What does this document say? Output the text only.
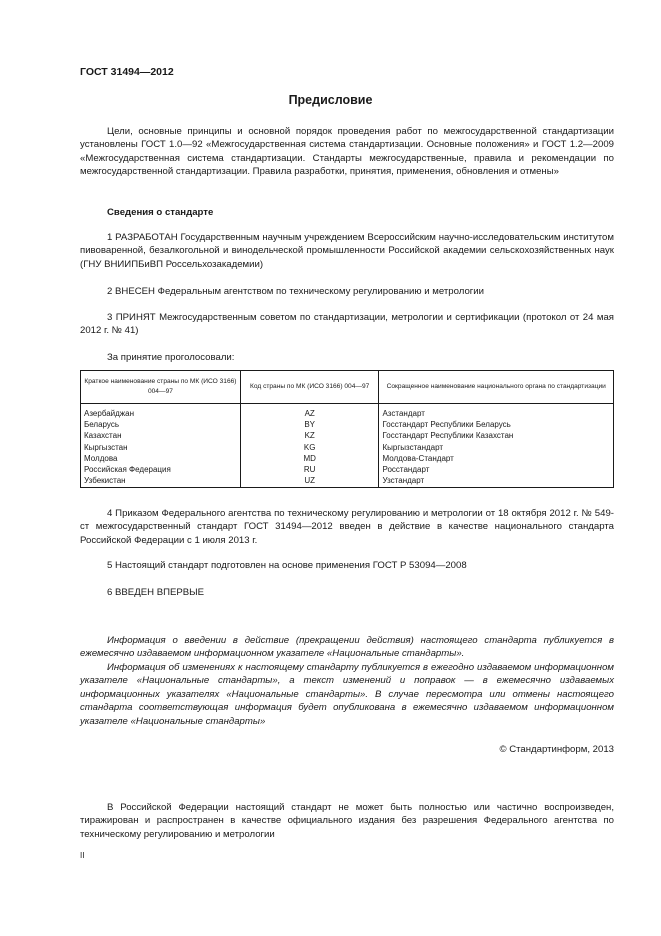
ГОСТ 31494—2012
Предисловие

Цели, основные принципы и основной порядок проведения работ по межгосударственной стандартизации установлены ГОСТ 1.0—92 «Межгосударственная система стандартизации. Основные положения» и ГОСТ 1.2—2009 «Межгосударственная система стандартизации. Стандарты межгосударственные, правила и рекомендации по межгосударственной стандартизации. Правила разработки, принятия, применения, обновления и отмены»

Сведения о стандарте

1 РАЗРАБОТАН Государственным научным учреждением Всероссийским научно-исследовательским институтом пивоваренной, безалкогольной и винодельческой промышленности Российской академии сельскохозяйственных наук (ГНУ ВНИИПБиВП Россельхозакадемии)

2 ВНЕСЕН Федеральным агентством по техническому регулированию и метрологии

3 ПРИНЯТ Межгосударственным советом по стандартизации, метрологии и сертификации (протокол от 24 мая 2012 г. № 41)

За принятие проголосовали:

Краткое наименование страны по МК (ИСО 3166) 004—97	Код страны по МК (ИСО 3166) 004—97	Сокращенное наименование национального органа по стандартизации
Азербайджан	AZ	Азстандарт
Беларусь	BY	Госстандарт Республики Беларусь
Казахстан	KZ	Госстандарт Республики Казахстан
Кыргызстан	KG	Кыргызстандарт
Молдова	MD	Молдова-Стандарт
Российская Федерация	RU	Росстандарт
Узбекистан	UZ	Узстандарт

4 Приказом Федерального агентства по техническому регулированию и метрологии от 18 октября 2012 г. № 549-ст межгосударственный стандарт ГОСТ 31494—2012 введен в действие в качестве национального стандарта Российской Федерации с 1 июля 2013 г.

5 Настоящий стандарт подготовлен на основе применения ГОСТ Р 53094—2008

6 ВВЕДЕН ВПЕРВЫЕ

Информация о введении в действие (прекращении действия) настоящего стандарта публикуется в ежемесячно издаваемом информационном указателе «Национальные стандарты».

Информация об изменениях к настоящему стандарту публикуется в ежегодно издаваемом информационном указателе «Национальные стандарты», а текст изменений и поправок — в ежемесячно издаваемых информационных указателях «Национальные стандарты». В случае пересмотра или отмены настоящего стандарта соответствующая информация будет опубликована в ежемесячно издаваемом информационном указателе «Национальные стандарты»

© Стандартинформ, 2013

В Российской Федерации настоящий стандарт не может быть полностью или частично воспроизведен, тиражирован и распространен в качестве официального издания без разрешения Федерального агентства по техническому регулированию и метрологии

II
